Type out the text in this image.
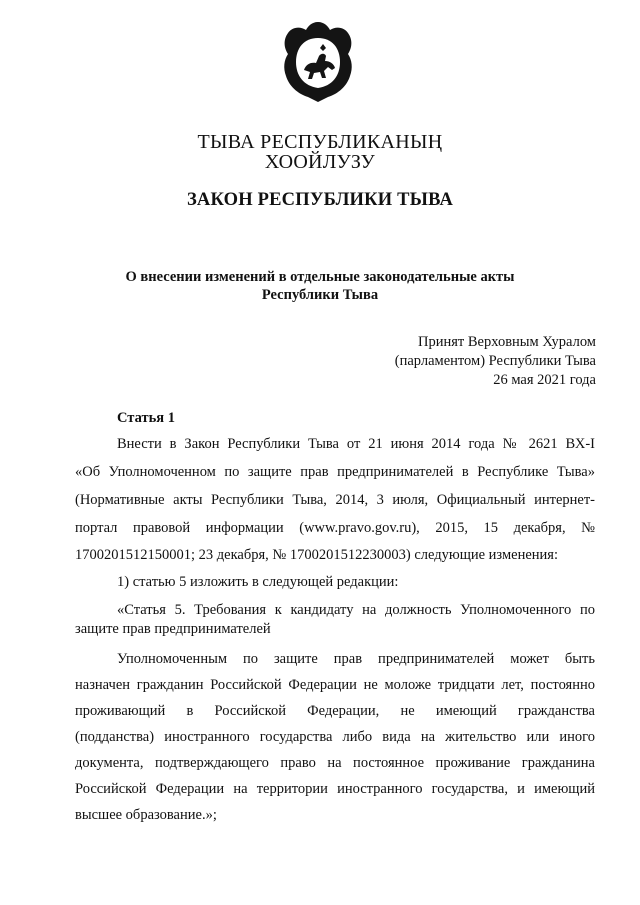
ТЫВА РЕСПУБЛИКАНЫҢ
ХООЙЛУЗУ
ЗАКОН РЕСПУБЛИКИ ТЫВА
О внесении изменений в отдельные законодательные акты
Республики Тыва
Принят Верховным Хуралом
(парламентом) Республики Тыва
26 мая 2021 года
Статья 1
Внести в Закон Республики Тыва от 21 июня 2014 года № 2621 ВХ-I
«Об Уполномоченном по защите прав предпринимателей в Республике Тыва»
(Нормативные акты Республики Тыва, 2014, 3 июля, Официальный интернет-
портал правовой информации (www.pravo.gov.ru), 2015, 15 декабря, №
1700201512150001; 23 декабря, № 1700201512230003) следующие изменения:
1) статью 5 изложить в следующей редакции:
«Статья 5. Требования к кандидату на должность Уполномоченного по
защите прав предпринимателей
Уполномоченным по защите прав предпринимателей может быть
назначен гражданин Российской Федерации не моложе тридцати лет, постоянно
проживающий в Российской Федерации, не имеющий гражданства
(подданства) иностранного государства либо вида на жительство или иного
документа, подтверждающего право на постоянное проживание гражданина
Российской Федерации на территории иностранного государства, и имеющий
высшее образование.»;
